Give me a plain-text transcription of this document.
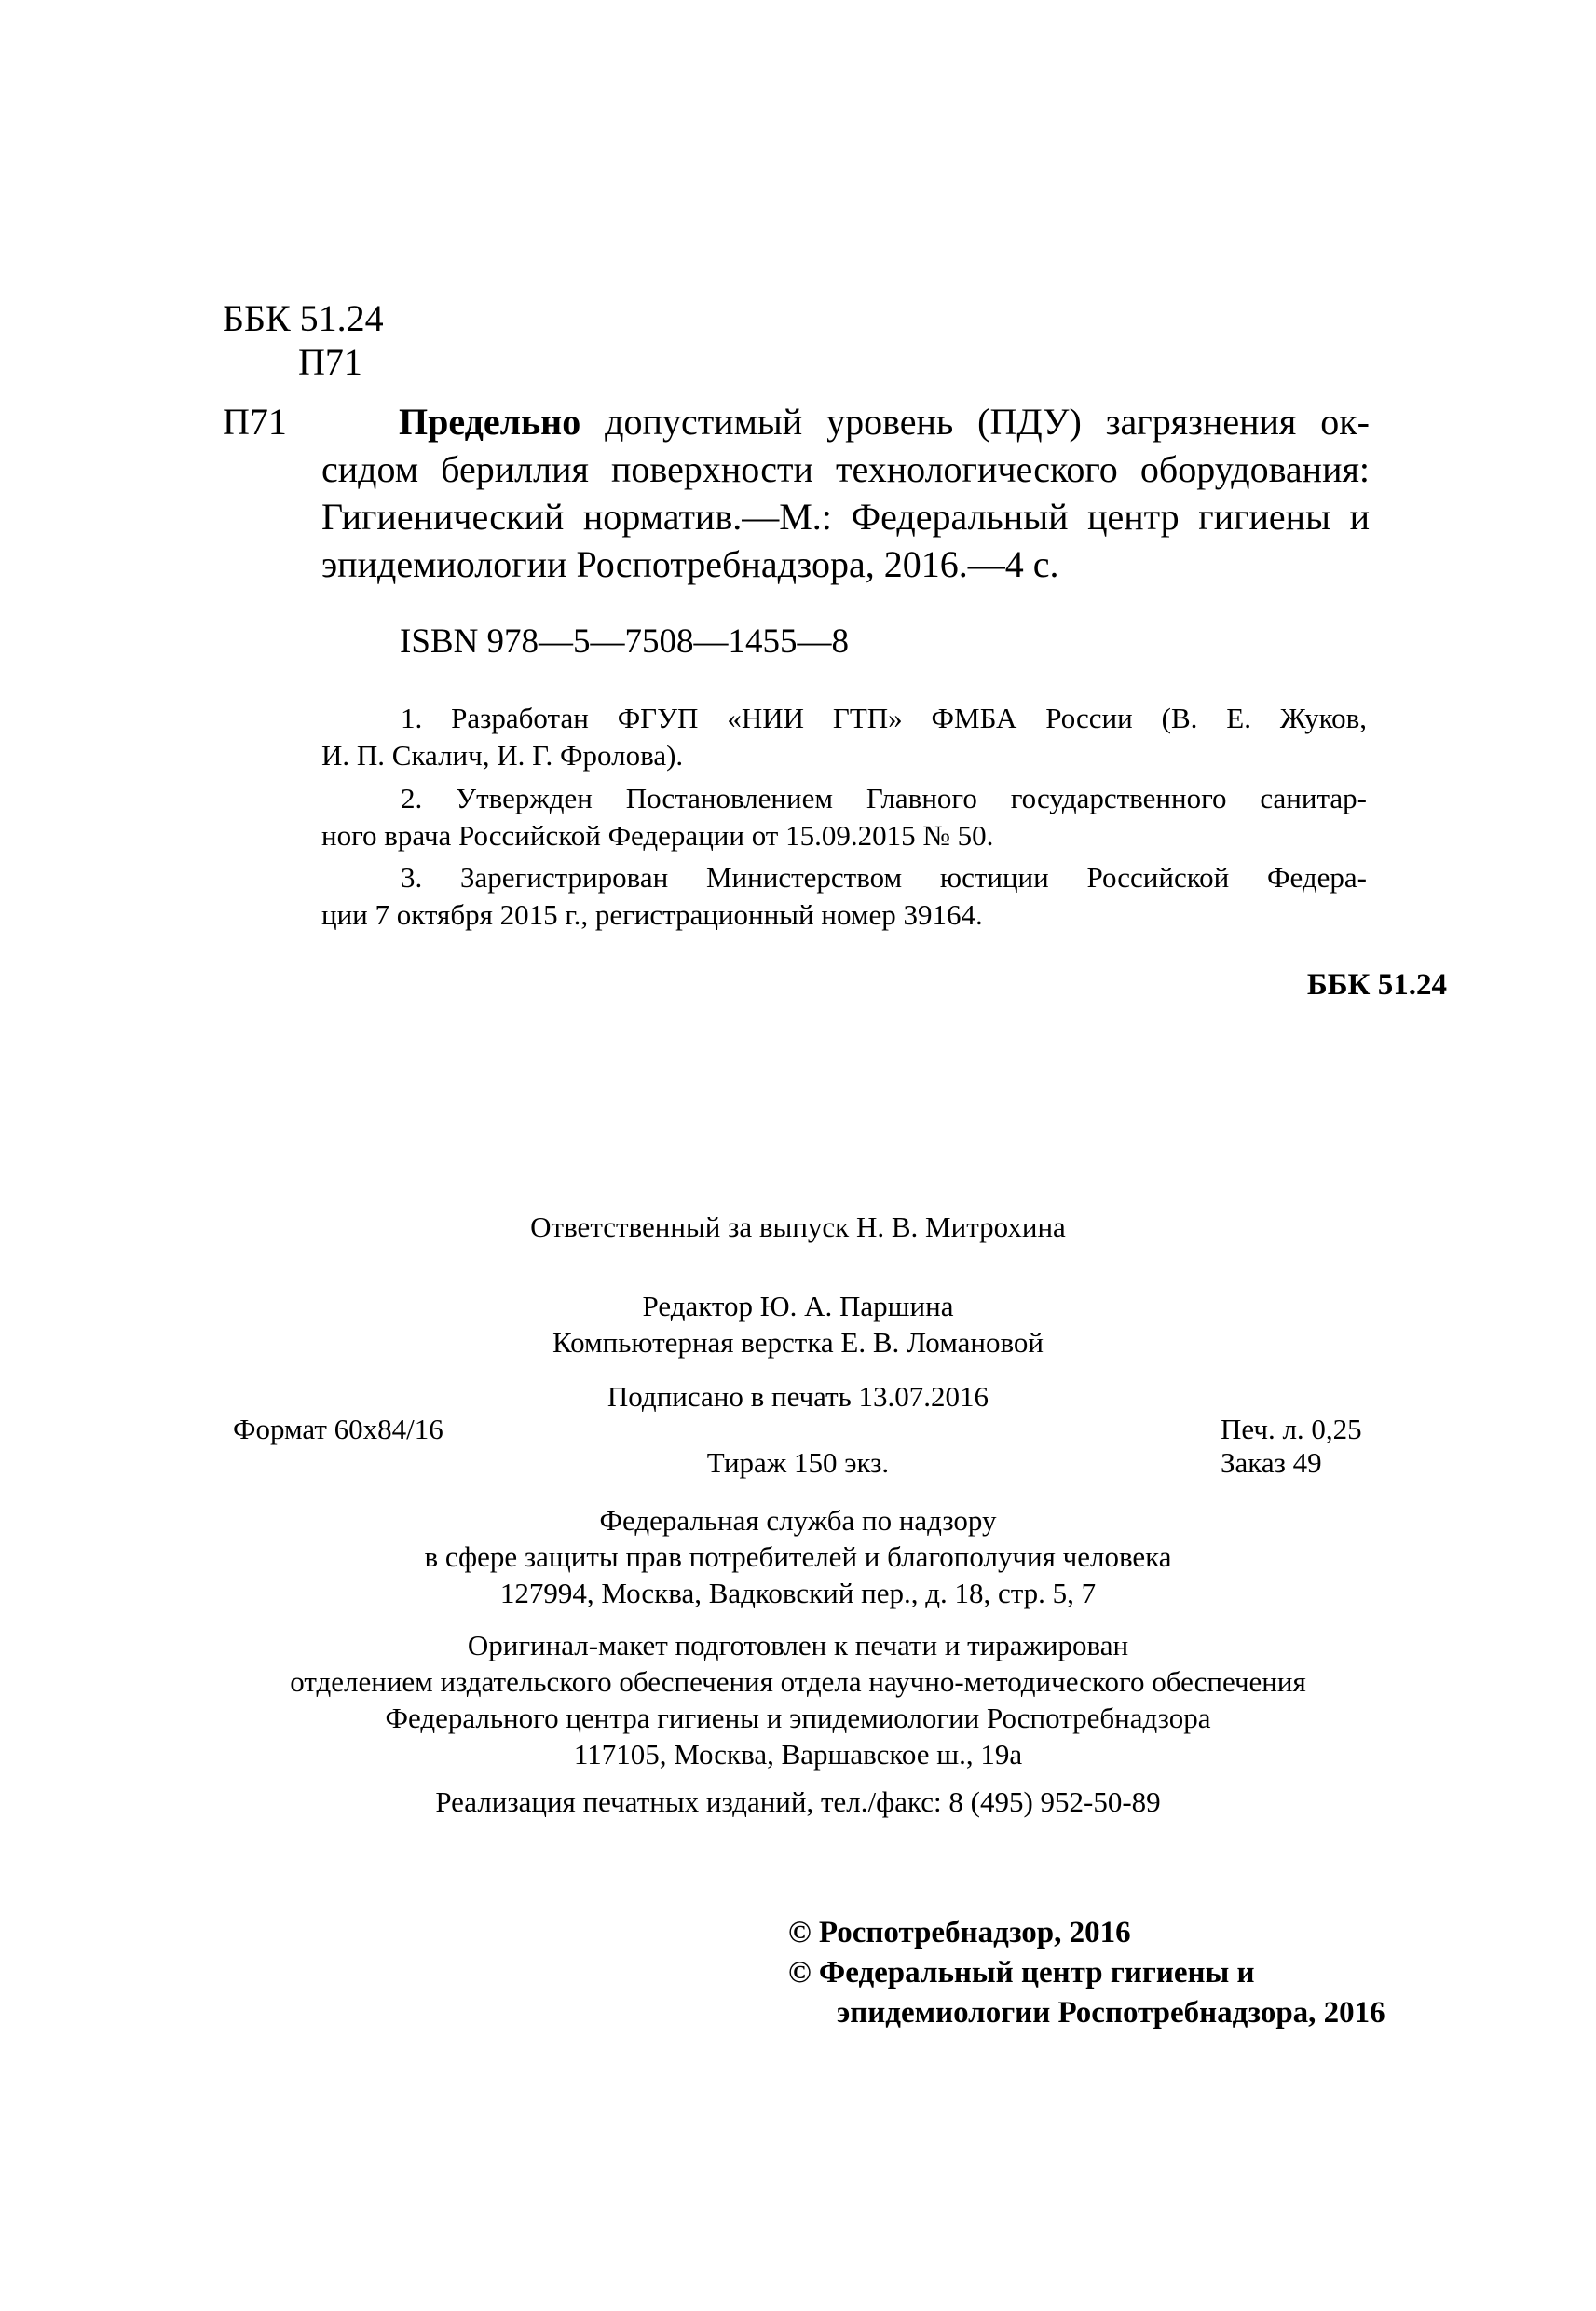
ББК 51.24
П71
П71	Предельно допустимый уровень (ПДУ) загрязнения ок-
сидом бериллия поверхности технологического оборудования:
Гигиенический норматив.—М.: Федеральный центр гигиены и
эпидемиологии Роспотребнадзора, 2016.—4 с.
ISBN 978—5—7508—1455—8
1. Разработан ФГУП «НИИ ГТП» ФМБА России (В. Е. Жуков,
И. П. Скалич, И. Г. Фролова).
2. Утвержден Постановлением Главного государственного санитар-
ного врача Российской Федерации от 15.09.2015 № 50.
3. Зарегистрирован Министерством юстиции Российской Федера-
ции 7 октября 2015 г., регистрационный номер 39164.
ББК 51.24
Ответственный за выпуск Н. В. Митрохина
Редактор Ю. А. Паршина
Компьютерная верстка Е. В. Ломановой
Подписано в печать 13.07.2016
Формат 60х84/16	Печ. л. 0,25
Тираж 150 экз.	Заказ 49
Федеральная служба по надзору
в сфере защиты прав потребителей и благополучия человека
127994, Москва, Вадковский пер., д. 18, стр. 5, 7
Оригинал-макет подготовлен к печати и тиражирован
отделением издательского обеспечения отдела научно-методического обеспечения
Федерального центра гигиены и эпидемиологии Роспотребнадзора
117105, Москва, Варшавское ш., 19а
Реализация печатных изданий, тел./факс: 8 (495) 952-50-89
© Роспотребнадзор, 2016
© Федеральный центр гигиены и
эпидемиологии Роспотребнадзора, 2016
